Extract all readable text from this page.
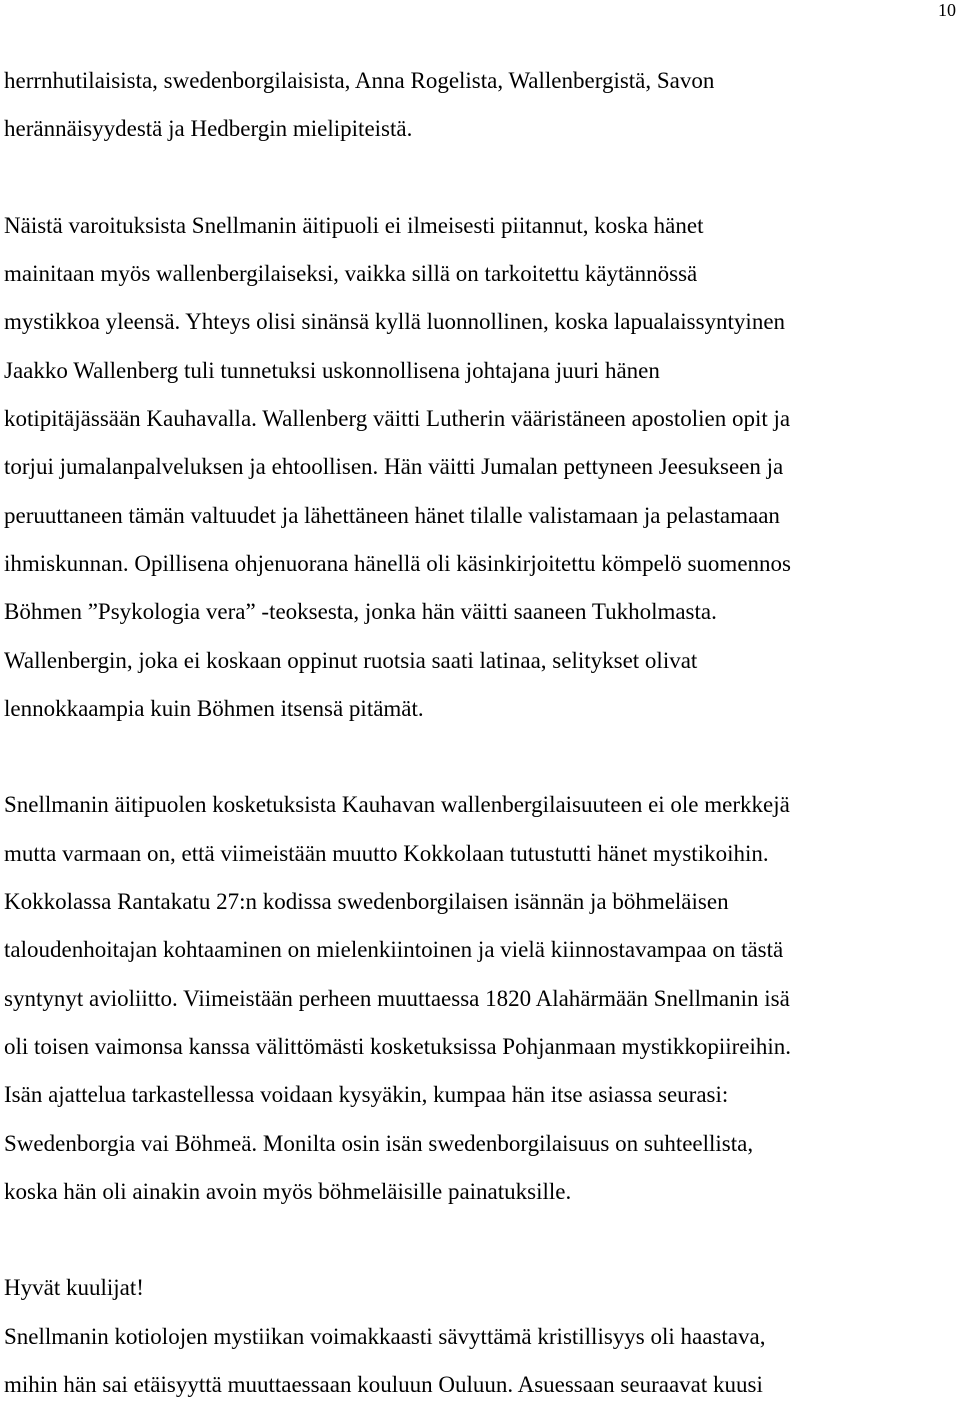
10
herrnhutilaisista, swedenborgilaisista, Anna Rogelista, Wallenbergistä, Savon
herännäisyydestä ja Hedbergin mielipiteistä.
Näistä varoituksista Snellmanin äitipuoli ei ilmeisesti piitannut, koska hänet
mainitaan myös wallenbergilaiseksi, vaikka sillä on tarkoitettu käytännössä
mystikkoa yleensä. Yhteys olisi sinänsä kyllä luonnollinen, koska lapualaissyntyinen
Jaakko Wallenberg tuli tunnetuksi uskonnollisena johtajana juuri hänen
kotipitäjässään Kauhavalla. Wallenberg väitti Lutherin vääristäneen apostolien opit ja
torjui jumalanpalveluksen ja ehtoollisen. Hän väitti Jumalan pettyneen Jeesukseen ja
peruuttaneen tämän valtuudet ja lähettäneen hänet tilalle valistamaan ja pelastamaan
ihmiskunnan. Opillisena ohjenuorana hänellä oli käsinkirjoitettu kömpelö suomennos
Böhmen ”Psykologia vera” -teoksesta, jonka hän väitti saaneen Tukholmasta.
Wallenbergin, joka ei koskaan oppinut ruotsia saati latinaa, selitykset olivat
lennokkaampia kuin Böhmen itsensä pitämät.
Snellmanin äitipuolen kosketuksista Kauhavan wallenbergilaisuuteen ei ole merkkejä
mutta varmaan on, että viimeistään muutto Kokkolaan tutustutti hänet mystikoihin.
Kokkolassa Rantakatu 27:n kodissa swedenborgilaisen isännän ja böhmeläisen
taloudenhoitajan kohtaaminen on mielenkiintoinen ja vielä kiinnostavampaa on tästä
syntynyt avioliitto. Viimeistään perheen muuttaessa 1820 Alahärmään Snellmanin isä
oli toisen vaimonsa kanssa välittömästi kosketuksissa Pohjanmaan mystikkopiireihin.
Isän ajattelua tarkastellessa voidaan kysyäkin, kumpaa hän itse asiassa seurasi:
Swedenborgia vai Böhmeä. Monilta osin isän swedenborgilaisuus on suhteellista,
koska hän oli ainakin avoin myös böhmeläisille painatuksille.
Hyvät kuulijat!
Snellmanin kotiolojen mystiikan voimakkaasti sävyttämä kristillisyys oli haastava,
mihin hän sai etäisyyttä muuttaessaan kouluun Ouluun. Asuessaan seuraavat kuusi
